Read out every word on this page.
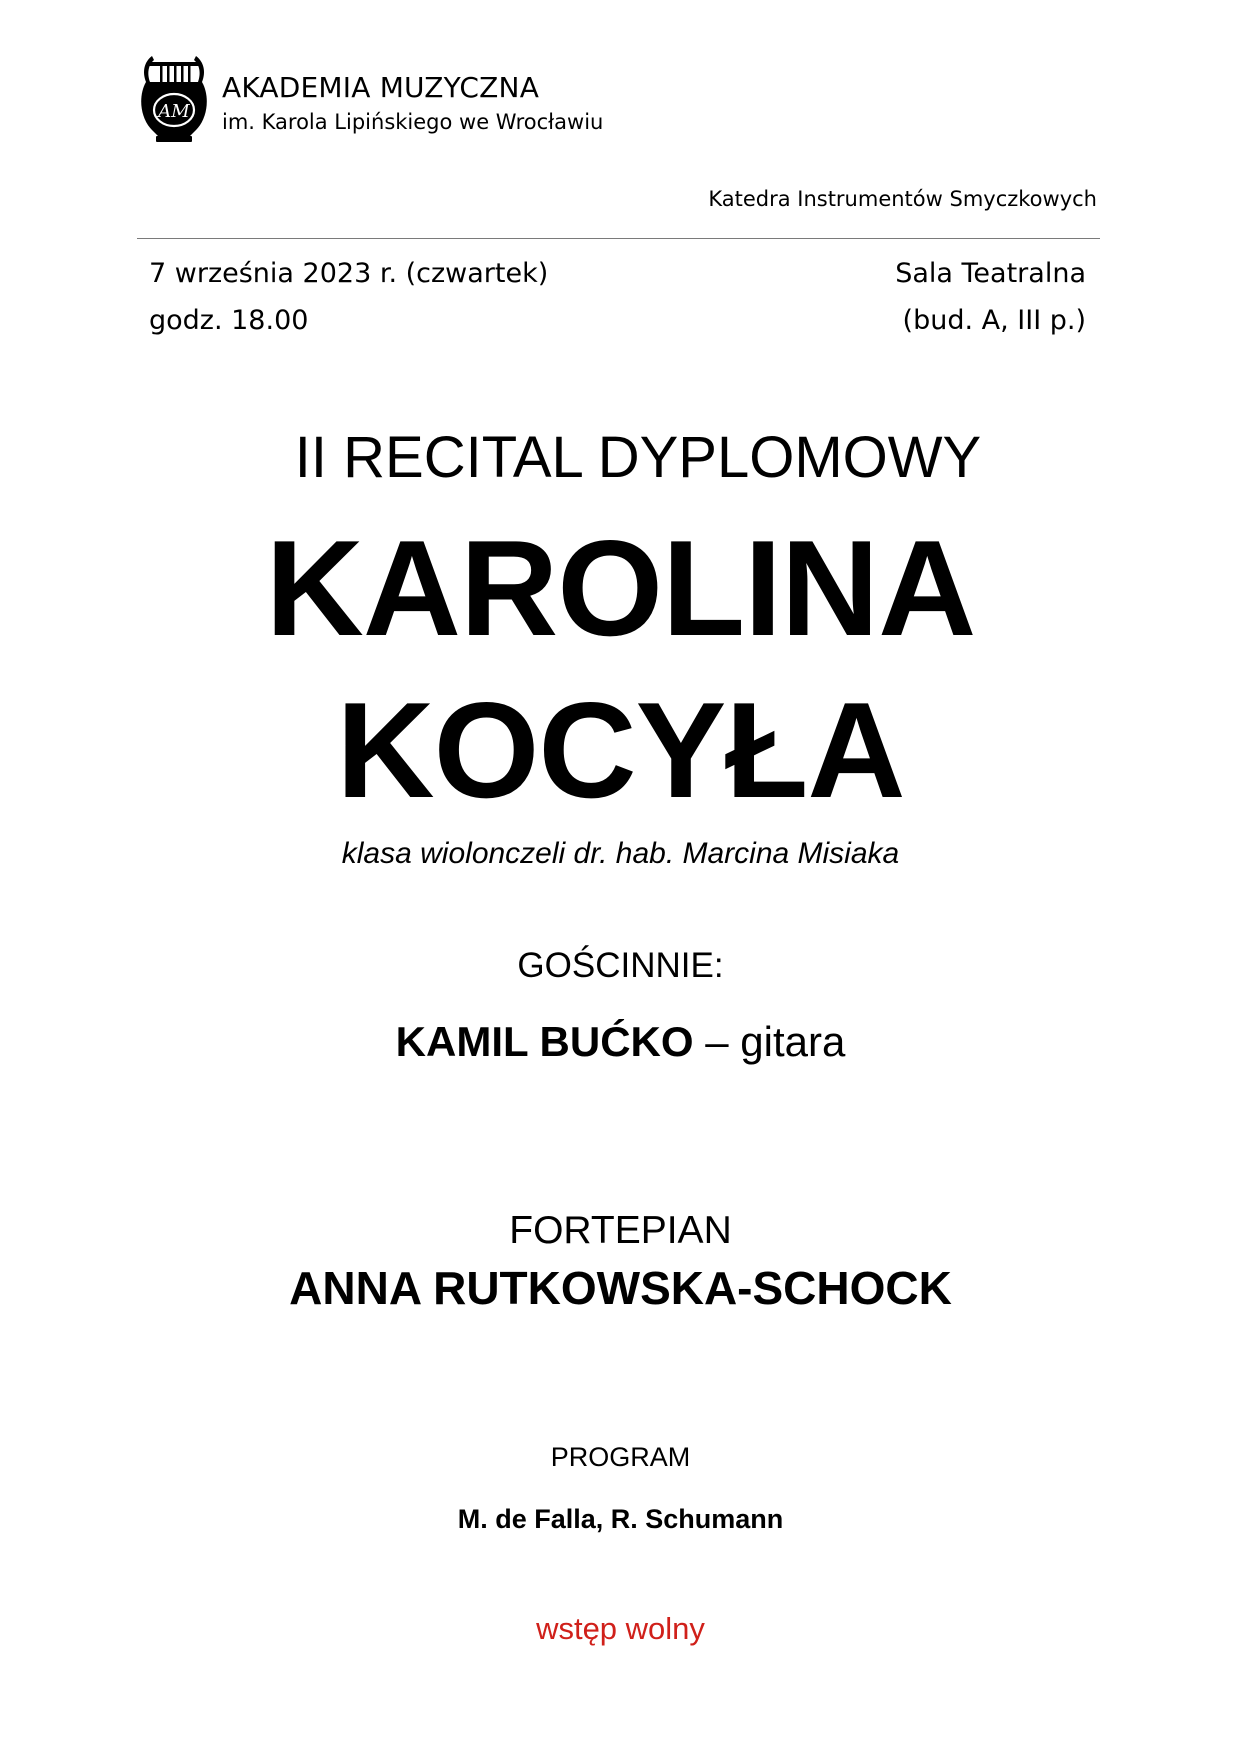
AM
AKADEMIA MUZYCZNA
im. Karola Lipińskiego we Wrocławiu
Katedra Instrumentów Smyczkowych
7 września 2023 r. (czwartek)
godz. 18.00
Sala Teatralna
(bud. A, III p.)
II RECITAL DYPLOMOWY
KAROLINA
KOCYŁA
klasa wiolonczeli dr. hab. Marcina Misiaka
GOŚCINNIE:
KAMIL BUĆKO – gitara
FORTEPIAN
ANNA RUTKOWSKA-SCHOCK
PROGRAM
M. de Falla, R. Schumann
wstęp wolny
